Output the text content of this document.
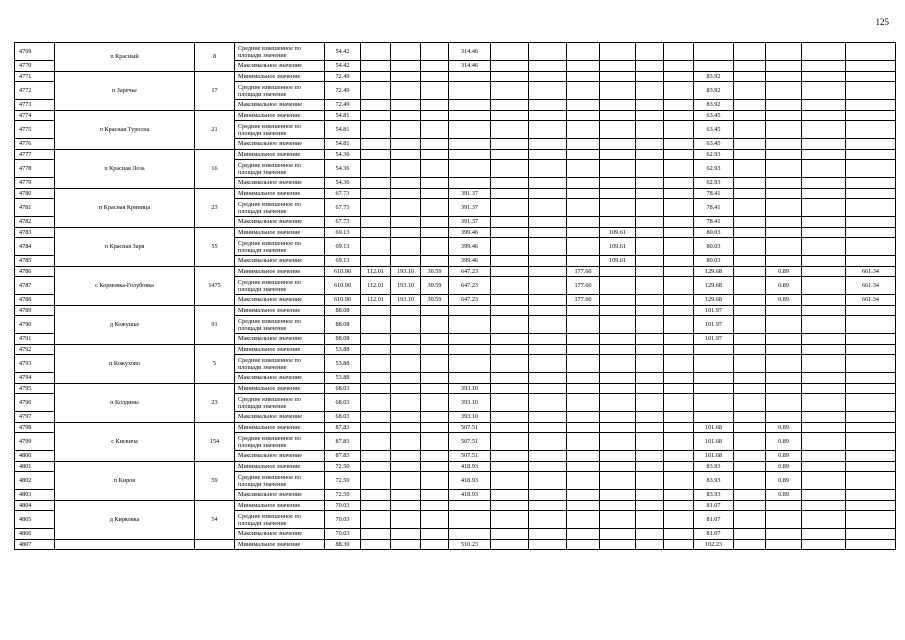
125
4769	п Красный	8	Средние взвешенное по площади значение	54.42				314.46											
4770			Максимальное значение	54.42				314.46											
4771	п Заречье	17	Минимальное значение	72.49											83.92				
4772			Средние взвешенное по площади значение	72.49											83.92				
4773			Максимальное значение	72.49											83.92				
4774	п Красная Туросна	21	Минимальное значение	54.81											63.45				
4775			Средние взвешенное по площади значение	54.81											63.45				
4776			Максимальное значение	54.81											63.45				
4777	п Красная Лоза	16	Минимальное значение	54.36											62.93				
4778			Средние взвешенное по площади значение	54.36											62.93				
4779			Максимальное значение	54.36											62.93				
4780	п Красная Криница	23	Минимальное значение	67.73				391.37							78.41				
4781			Средние взвешенное по площади значение	67.73				391.37							78.41				
4782			Максимальное значение	67.73				391.37							78.41				
4783	п Красная Заря	55	Минимальное значение	69.13				399.46				109.61			80.03				
4784			Средние взвешенное по площади значение	69.13				399.46				109.61			80.03				
4785			Максимальное значение	69.13				399.46				109.61			80.03				
4786	с Кормовка-Голубовка	1475	Минимальное значение	610.90	112.01	193.10	30.59	647.23			177.60				129.68		0.89		661.34
4787			Средние взвешенное по площади значение	610.90	112.01	193.10	30.59	647.23			177.60				129.68		0.89		661.34
4788			Максимальное значение	610.90	112.01	193.10	30.59	647.23			177.60				129.68		0.89		661.34
4789	д Кожушье	91	Минимальное значение	88.08											101.97				
4790			Средние взвешенное по площади значение	88.08											101.97				
4791			Максимальное значение	88.08											101.97				
4792	п Кожухово	5	Минимальное значение	53.88															
4793			Средние взвешенное по площади значение	53.88															
4794			Максимальное значение	53.88															
4795	п Колдины	23	Минимальное значение	68.03				393.10											
4796			Средние взвешенное по площади значение	68.03				393.10											
4797			Максимальное значение	68.03				393.10											
4798	с Кисвича	154	Минимальное значение	87.83				507.51							101.68		0.89		
4799			Средние взвешенное по площади значение	87.83				507.51							101.68		0.89		
4800			Максимальное значение	87.83				507.51							101.68		0.89		
4801	п Киров	59	Минимальное значение	72.50				418.93							83.93		0.89		
4802			Средние взвешенное по площади значение	72.50				418.93							83.93		0.89		
4803			Максимальное значение	72.50				418.93							83.93		0.89		
4804	д Кирковка	54	Минимальное значение	70.03											81.07				
4805			Средние взвешенное по площади значение	70.03											81.07				
4806			Максимальное значение	70.03											81.07				
4807			Минимальное значение	88.30				510.23							102.23				
